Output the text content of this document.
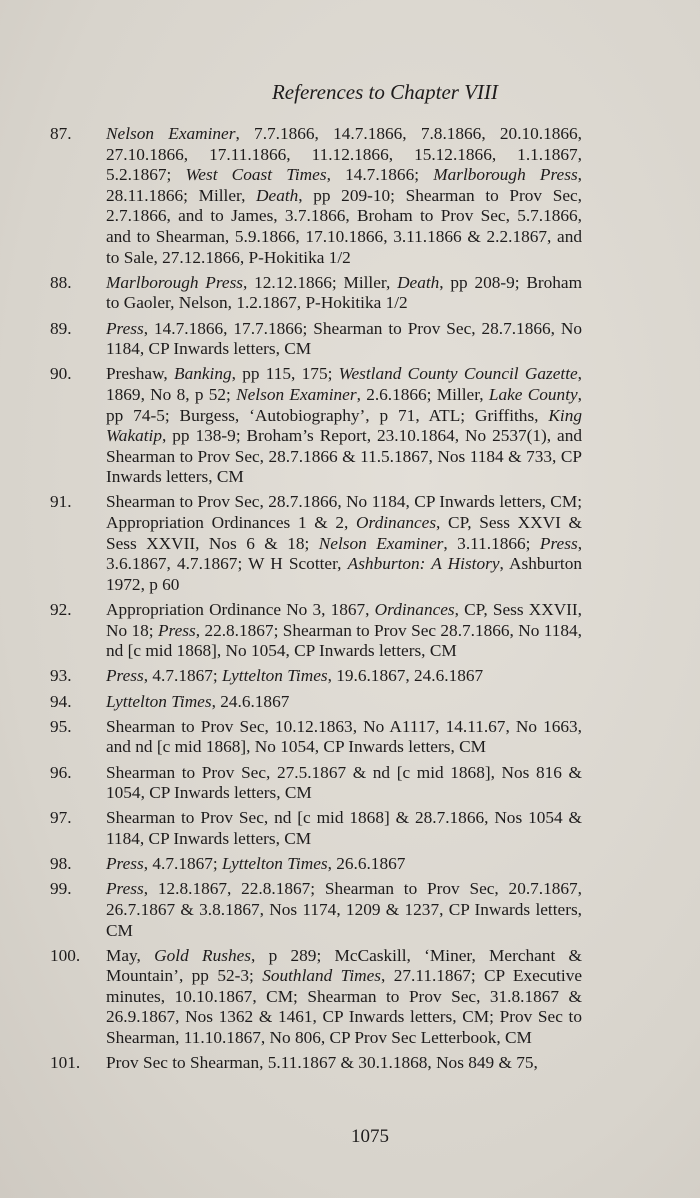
References to Chapter VIII
87.	Nelson Examiner, 7.7.1866, 14.7.1866, 7.8.1866, 20.10.1866, 27.10.1866, 17.11.1866, 11.12.1866, 15.12.1866, 1.1.1867, 5.2.1867; West Coast Times, 14.7.1866; Marlborough Press, 28.11.1866; Miller, Death, pp 209-10; Shearman to Prov Sec, 2.7.1866, and to James, 3.7.1866, Broham to Prov Sec, 5.7.1866, and to Shearman, 5.9.1866, 17.10.1866, 3.11.1866 & 2.2.1867, and to Sale, 27.12.1866, P-Hokitika 1/2
88.	Marlborough Press, 12.12.1866; Miller, Death, pp 208-9; Broham to Gaoler, Nelson, 1.2.1867, P-Hokitika 1/2
89.	Press, 14.7.1866, 17.7.1866; Shearman to Prov Sec, 28.7.1866, No 1184, CP Inwards letters, CM
90.	Preshaw, Banking, pp 115, 175; Westland County Council Gazette, 1869, No 8, p 52; Nelson Examiner, 2.6.1866; Miller, Lake County, pp 74-5; Burgess, ‘Autobiography’, p 71, ATL; Griffiths, King Wakatip, pp 138-9; Broham’s Report, 23.10.1864, No 2537(1), and Shearman to Prov Sec, 28.7.1866 & 11.5.1867, Nos 1184 & 733, CP Inwards letters, CM
91.	Shearman to Prov Sec, 28.7.1866, No 1184, CP Inwards letters, CM; Appropriation Ordinances 1 & 2, Ordinances, CP, Sess XXVI & Sess XXVII, Nos 6 & 18; Nelson Examiner, 3.11.1866; Press, 3.6.1867, 4.7.1867; W H Scotter, Ashburton: A History, Ashburton 1972, p 60
92.	Appropriation Ordinance No 3, 1867, Ordinances, CP, Sess XXVII, No 18; Press, 22.8.1867; Shearman to Prov Sec 28.7.1866, No 1184, nd [c mid 1868], No 1054, CP Inwards letters, CM
93.	Press, 4.7.1867; Lyttelton Times, 19.6.1867, 24.6.1867
94.	Lyttelton Times, 24.6.1867
95.	Shearman to Prov Sec, 10.12.1863, No A1117, 14.11.67, No 1663, and nd [c mid 1868], No 1054, CP Inwards letters, CM
96.	Shearman to Prov Sec, 27.5.1867 & nd [c mid 1868], Nos 816 & 1054, CP Inwards letters, CM
97.	Shearman to Prov Sec, nd [c mid 1868] & 28.7.1866, Nos 1054 & 1184, CP Inwards letters, CM
98.	Press, 4.7.1867; Lyttelton Times, 26.6.1867
99.	Press, 12.8.1867, 22.8.1867; Shearman to Prov Sec, 20.7.1867, 26.7.1867 & 3.8.1867, Nos 1174, 1209 & 1237, CP Inwards letters, CM
100.	May, Gold Rushes, p 289; McCaskill, ‘Miner, Merchant & Mountain’, pp 52-3; Southland Times, 27.11.1867; CP Executive minutes, 10.10.1867, CM; Shearman to Prov Sec, 31.8.1867 & 26.9.1867, Nos 1362 & 1461, CP Inwards letters, CM; Prov Sec to Shearman, 11.10.1867, No 806, CP Prov Sec Letterbook, CM
101.	Prov Sec to Shearman, 5.11.1867 & 30.1.1868, Nos 849 & 75,
1075
